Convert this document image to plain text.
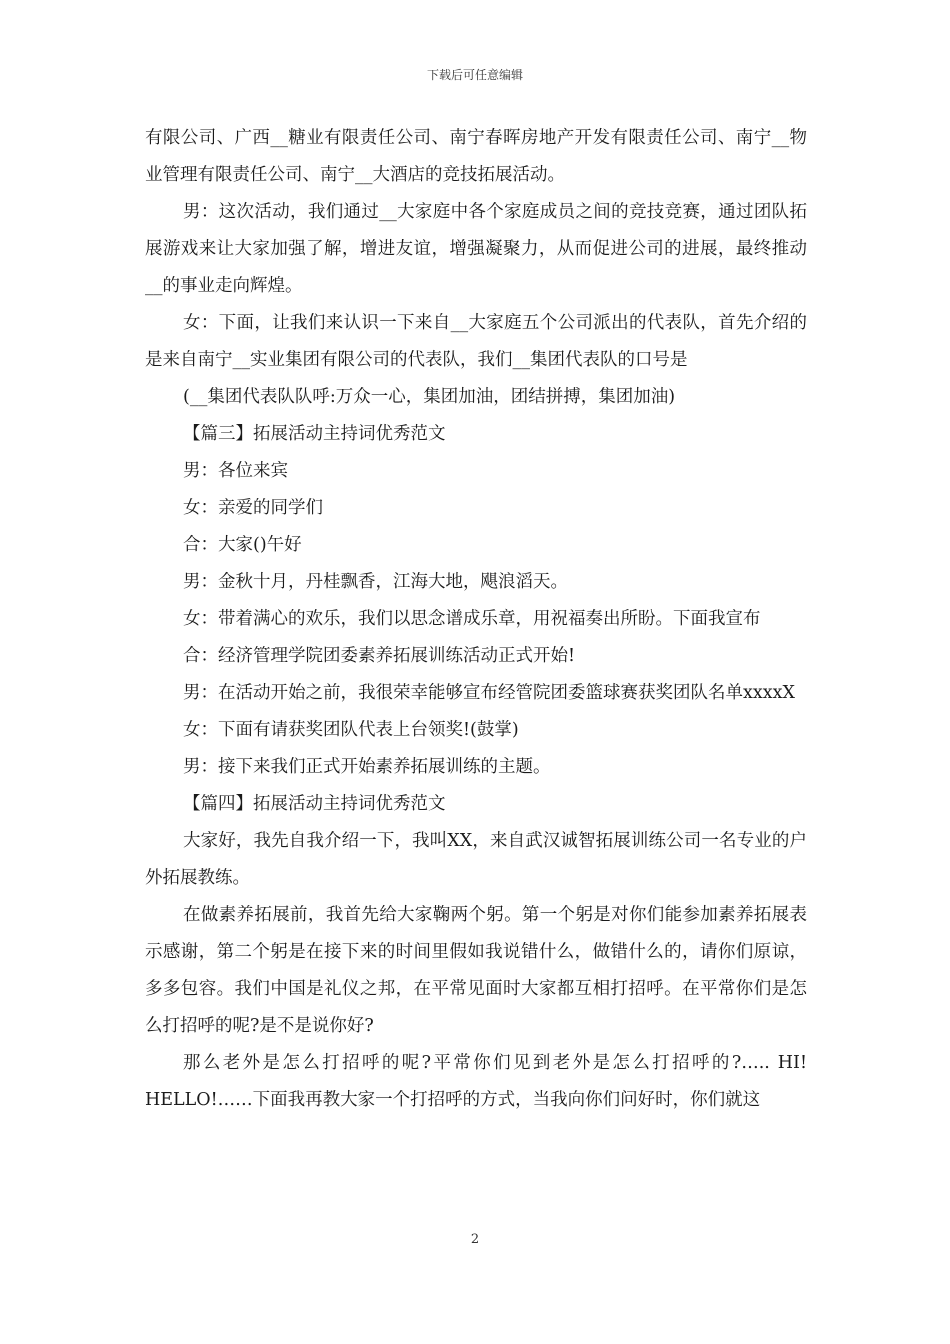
下载后可任意编辑

有限公司、广西__糖业有限责任公司、南宁春晖房地产开发有限责任公司、南宁__物业管理有限责任公司、南宁__大酒店的竞技拓展活动。

男：这次活动，我们通过__大家庭中各个家庭成员之间的竞技竞赛，通过团队拓展游戏来让大家加强了解，增进友谊，增强凝聚力，从而促进公司的进展，最终推动__的事业走向辉煌。

女：下面，让我们来认识一下来自__大家庭五个公司派出的代表队，首先介绍的是来自南宁__实业集团有限公司的代表队，我们__集团代表队的口号是

(__集团代表队队呼:万众一心，集团加油，团结拼搏，集团加油)

【篇三】拓展活动主持词优秀范文

男：各位来宾

女：亲爱的同学们

合：大家()午好

男：金秋十月，丹桂飘香，江海大地，飓浪滔天。

女：带着满心的欢乐，我们以思念谱成乐章，用祝福奏出所盼。下面我宣布

合：经济管理学院团委素养拓展训练活动正式开始!

男：在活动开始之前，我很荣幸能够宣布经管院团委篮球赛获奖团队名单xxxxX

女：下面有请获奖团队代表上台领奖!(鼓掌)

男：接下来我们正式开始素养拓展训练的主题。

【篇四】拓展活动主持词优秀范文

大家好，我先自我介绍一下，我叫XX，来自武汉诚智拓展训练公司一名专业的户外拓展教练。

在做素养拓展前，我首先给大家鞠两个躬。第一个躬是对你们能参加素养拓展表示感谢，第二个躬是在接下来的时间里假如我说错什么，做错什么的，请你们原谅，多多包容。我们中国是礼仪之邦，在平常见面时大家都互相打招呼。在平常你们是怎么打招呼的呢?是不是说你好?

那么老外是怎么打招呼的呢?平常你们见到老外是怎么打招呼的?….. HI! HELLO!……下面我再教大家一个打招呼的方式，当我向你们问好时，你们就这

2
